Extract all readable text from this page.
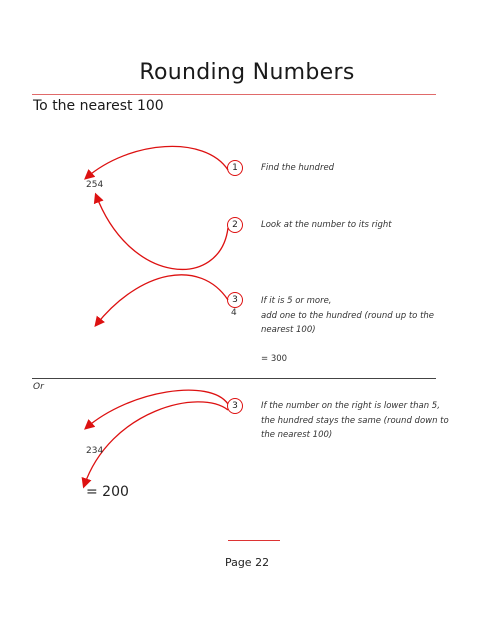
Rounding Numbers
To the nearest 100
254
1	Find the hundred
2	Look at the number to its right
3
4
If it is 5 or more,
add one to the hundred (round up to the
nearest 100)
= 300
Or
3	If the number on the right is lower than 5,
the hundred stays the same (round down to
the nearest 100)
234
= 200
Page 22
